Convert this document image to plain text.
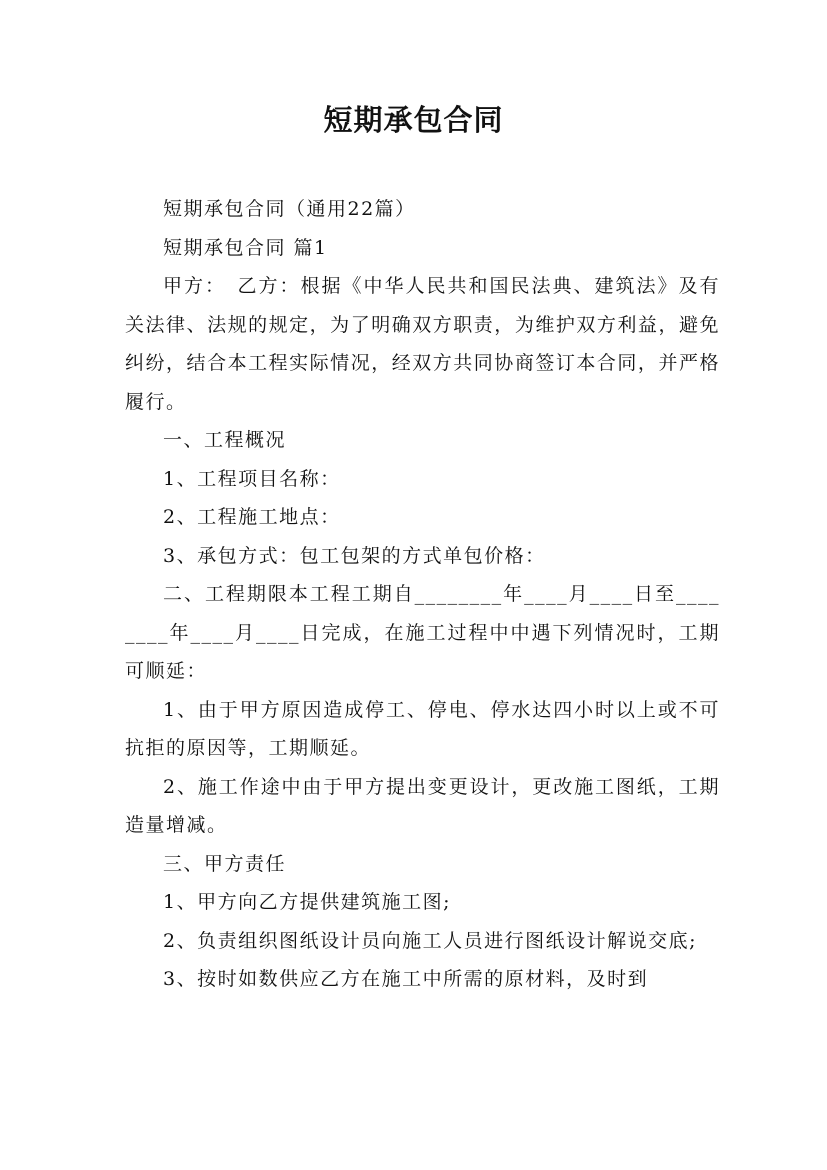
短期承包合同

短期承包合同（通用22篇）

短期承包合同 篇1

甲方：　乙方：根据《中华人民共和国民法典、建筑法》及有关法律、法规的规定，为了明确双方职责，为维护双方利益，避免纠纷，结合本工程实际情况，经双方共同协商签订本合同，并严格履行。

一、工程概况

1、工程项目名称：

2、工程施工地点：

3、承包方式：包工包架的方式单包价格：

二、工程期限本工程工期自________年____月____日至________年____月____日完成，在施工过程中中遇下列情况时，工期可顺延：

1、由于甲方原因造成停工、停电、停水达四小时以上或不可抗拒的原因等，工期顺延。

2、施工作途中由于甲方提出变更设计，更改施工图纸，工期造量增减。

三、甲方责任

1、甲方向乙方提供建筑施工图;

2、负责组织图纸设计员向施工人员进行图纸设计解说交底;

3、按时如数供应乙方在施工中所需的原材料，及时到
